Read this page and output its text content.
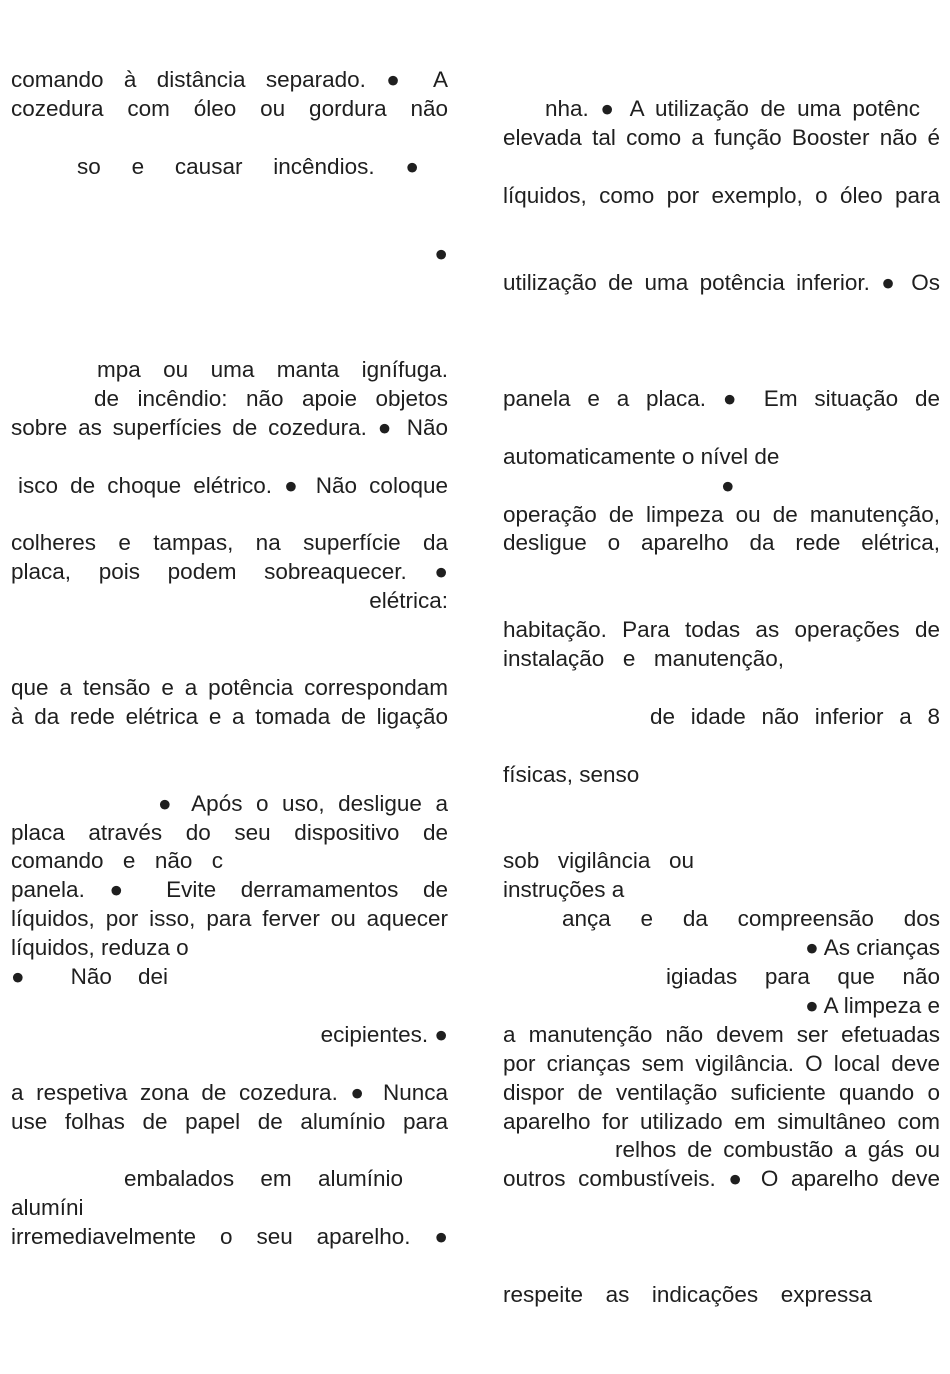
comando à distância separado. ● A
cozedura com óleo ou gordura não
so e causar incêndios. ●
●
mpa ou uma manta ignífuga.
de incêndio: não apoie objetos
sobre as superfícies de cozedura. ● Não
isco de choque elétrico. ● Não coloque
colheres e tampas, na superfície da
placa, pois podem sobreaquecer. ●
elétrica:
que a tensão e a potência correspondam
à da rede elétrica e a tomada de ligação
● Após o uso, desligue a
placa através do seu dispositivo de
comando e não c
panela. ● Evite derramamentos de
líquidos, por isso, para ferver ou aquecer
líquidos, reduza o
● Não dei
ecipientes. ●
a respetiva zona de cozedura. ● Nunca
use folhas de papel de alumínio para
embalados em alumínio
alumíni
irremediavelmente o seu aparelho. ●
nha. ● A utilização de uma potênc
elevada tal como a função Booster não é
líquidos, como por exemplo, o óleo para
utilização de uma potência inferior. ● Os
panela e a placa. ● Em situação de
automaticamente o nível de
●
operação de limpeza ou de manutenção,
desligue o aparelho da rede elétrica,
habitação. Para todas as operações de
instalação e manutenção,
de idade não inferior a 8
físicas, senso
sob vigilância ou
instruções a
ança e da compreensão dos
● As crianças
igiadas para que não
● A limpeza e
a manutenção não devem ser efetuadas
por crianças sem vigilância. O local deve
dispor de ventilação suficiente quando o
aparelho for utilizado em simultâneo com
relhos de combustão a gás ou
outros combustíveis. ● O aparelho deve
respeite as indicações expressa
